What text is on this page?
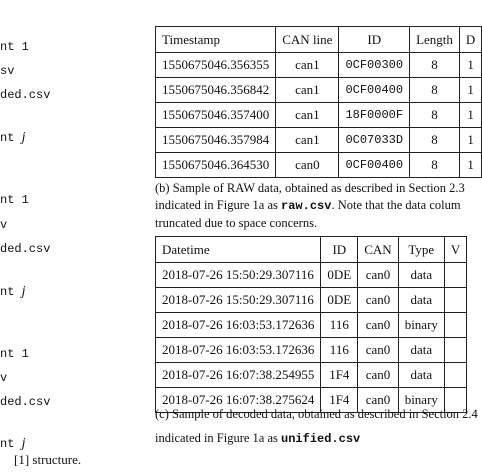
nt 1
sv
ded.csv
nt j
nt 1
v
ded.csv
nt j
nt 1
v
ded.csv
nt j
[1] structure.
Timestamp	CAN line	ID	Length	D
1550675046.356355	can1	0CF00300	8	1
1550675046.356842	can1	0CF00400	8	1
1550675046.357400	can1	18F0000F	8	1
1550675046.357984	can1	0C07033D	8	1
1550675046.364530	can0	0CF00400	8	1
(b) Sample of RAW data, obtained as described in Section 2.3
indicated in Figure 1a as raw.csv. Note that the data colum
truncated due to space concerns.
Datetime	ID	CAN	Type	V
2018-07-26 15:50:29.307116	0DE	can0	data	
2018-07-26 15:50:29.307116	0DE	can0	data	
2018-07-26 16:03:53.172636	116	can0	binary	
2018-07-26 16:03:53.172636	116	can0	data	
2018-07-26 16:07:38.254955	1F4	can0	data	
2018-07-26 16:07:38.275624	1F4	can0	binary	
(c) Sample of decoded data, obtained as described in Section 2.4
indicated in Figure 1a as unified.csv
